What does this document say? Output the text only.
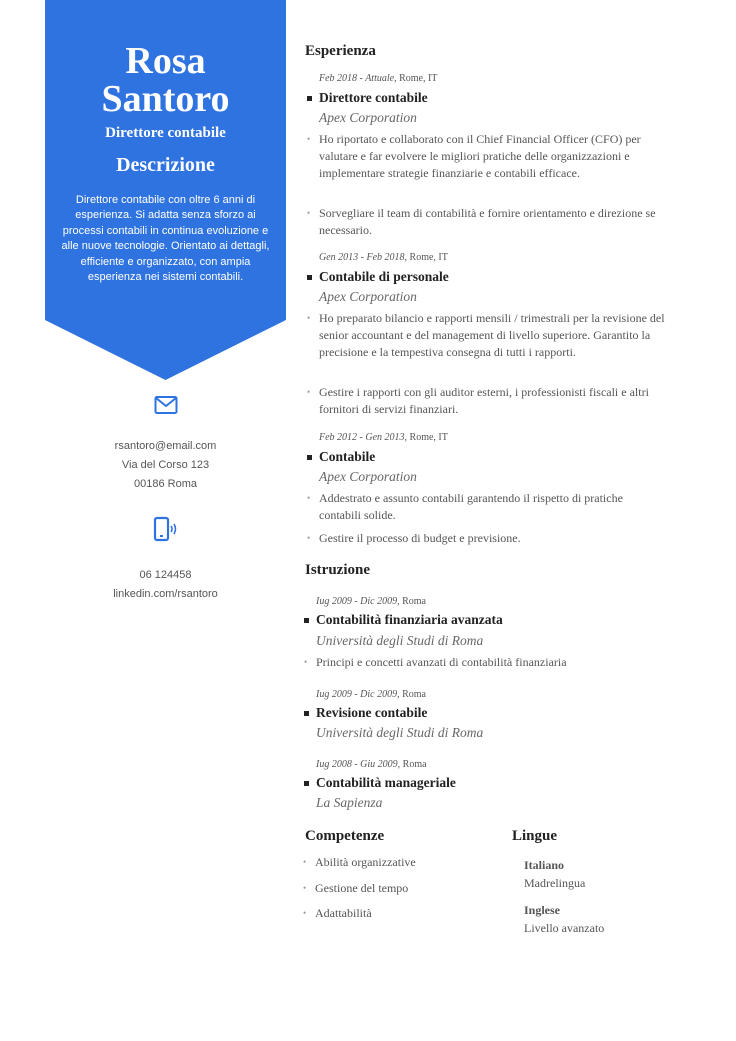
Rosa
Santoro
Direttore contabile
Descrizione
Direttore contabile con oltre 6 anni di esperienza. Si adatta senza sforzo ai processi contabili in continua evoluzione e alle nuove tecnologie. Orientato ai dettagli, efficiente e organizzato, con ampia esperienza nei sistemi contabili.
rsantoro@email.com
Via del Corso 123
00186 Roma
06 124458
linkedin.com/rsantoro
Esperienza
Feb 2018 - Attuale, Rome, IT
Direttore contabile
Apex Corporation
• Ho riportato e collaborato con il Chief Financial Officer (CFO) per valutare e far evolvere le migliori pratiche delle organizzazioni e implementare strategie finanziarie e contabili efficace.
• Sorvegliare il team di contabilità e fornire orientamento e direzione se necessario.
Gen 2013 - Feb 2018, Rome, IT
Contabile di personale
Apex Corporation
• Ho preparato bilancio e rapporti mensili / trimestrali per la revisione del senior accountant e del management di livello superiore. Garantito la precisione e la tempestiva consegna di tutti i rapporti.
• Gestire i rapporti con gli auditor esterni, i professionisti fiscali e altri fornitori di servizi finanziari.
Feb 2012 - Gen 2013, Rome, IT
Contabile
Apex Corporation
• Addestrato e assunto contabili garantendo il rispetto di pratiche contabili solide.
• Gestire il processo di budget e previsione.
Istruzione
Iug 2009 - Dic 2009, Roma
Contabilità finanziaria avanzata
Università degli Studi di Roma
• Principi e concetti avanzati di contabilità finanziaria
Iug 2009 - Dic 2009, Roma
Revisione contabile
Università degli Studi di Roma
Iug 2008 - Giu 2009, Roma
Contabilità manageriale
La Sapienza
Competenze
• Abilità organizzative
• Gestione del tempo
• Adattabilità
Lingue
Italiano
Madrelingua
Inglese
Livello avanzato
